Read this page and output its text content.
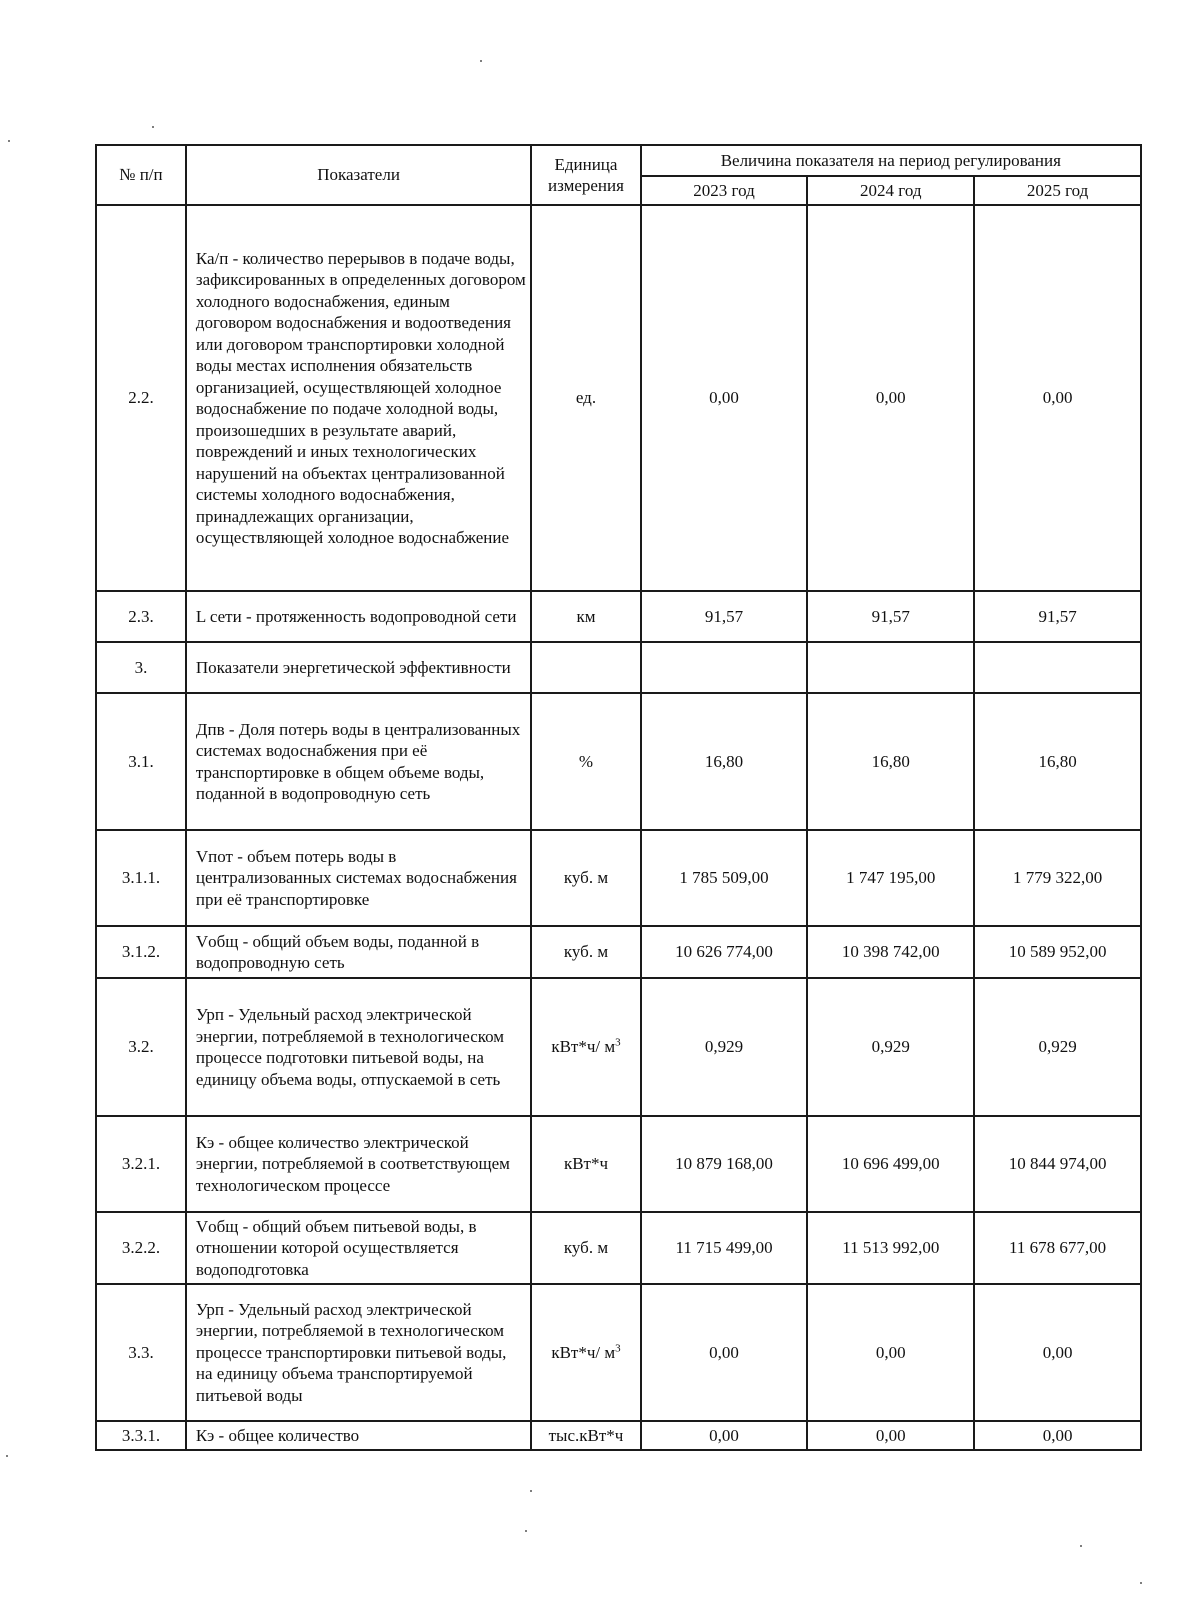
№ п/п	Показатели	Единица измерения	Величина показателя на период регулирования		
			2023 год	2024 год	2025 год
2.2.	Ка/п - количество перерывов в подаче воды, зафиксированных в определенных договором холодного водоснабжения, единым договором водоснабжения и водоотведения или договором транспортировки холодной воды местах исполнения обязательств организацией, осуществляющей холодное водоснабжение по подаче холодной воды, произошедших в результате аварий, повреждений и иных технологических нарушений на объектах централизованной системы холодного водоснабжения, принадлежащих организации, осуществляющей холодное водоснабжение	ед.	0,00	0,00	0,00
2.3.	L сети - протяженность водопроводной сети	км	91,57	91,57	91,57
3.	Показатели энергетической эффективности				
3.1.	Дпв - Доля потерь воды в централизованных системах водоснабжения при её транспортировке в общем объеме воды, поданной в водопроводную сеть	%	16,80	16,80	16,80
3.1.1.	Vпот - объем потерь воды в централизованных системах водоснабжения при её транспортировке	куб. м	1 785 509,00	1 747 195,00	1 779 322,00
3.1.2.	Vобщ - общий объем воды, поданной в водопроводную сеть	куб. м	10 626 774,00	10 398 742,00	10 589 952,00
3.2.	Урп - Удельный расход электрической энергии, потребляемой в технологическом процессе подготовки питьевой воды, на единицу объема воды, отпускаемой в сеть	кВт*ч/ $м^3$	0,929	0,929	0,929
3.2.1.	Кэ - общее количество электрической энергии, потребляемой в соответствующем технологическом процессе	кВт*ч	10 879 168,00	10 696 499,00	10 844 974,00
3.2.2.	Vобщ - общий объем питьевой воды, в отношении которой осуществляется водоподготовка	куб. м	11 715 499,00	11 513 992,00	11 678 677,00
3.3.	Урп - Удельный расход электрической энергии, потребляемой в технологическом процессе транспортировки питьевой воды, на единицу объема транспортируемой питьевой воды	кВт*ч/ $м^3$	0,00	0,00	0,00
3.3.1.	Кэ - общее количество	тыс.кВт*ч	0,00	0,00	0,00
